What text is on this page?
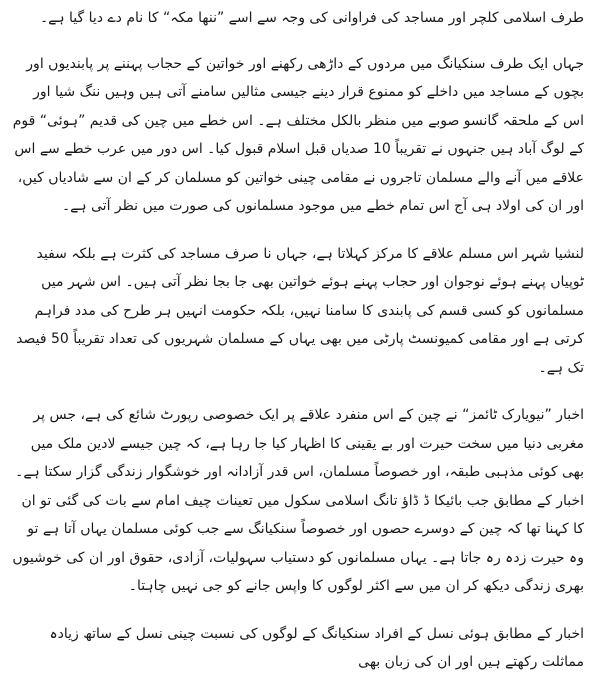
طرف اسلامی کلچر اور مساجد کی فراوانی کی وجہ سے اسے ”ننھا مکہ“ کا نام دے دیا گیا ہے۔

جہاں ایک طرف سنکیانگ میں مردوں کے داڑھی رکھنے اور خواتین کے حجاب پہننے پر پابندیوں اور بچوں کے مساجد میں داخلے کو ممنوع قرار دینے جیسی مثالیں سامنے آتی ہیں وہیں ننگ شیا اور اس کے ملحقہ گانسو صوبے میں منظر بالکل مختلف ہے۔ اس خطے میں چین کی قدیم ”ہوئی“ قوم کے لوگ آباد ہیں جنہوں نے تقریباً 10 صدیاں قبل اسلام قبول کیا۔ اس دور میں عرب خطے سے اس علاقے میں آنے والے مسلمان تاجروں نے مقامی چینی خواتین کو مسلمان کر کے ان سے شادیاں کیں، اور ان کی اولاد ہی آج اس تمام خطے میں موجود مسلمانوں کی صورت میں نظر آتی ہے۔

لنشیا شہر اس مسلم علاقے کا مرکز کہلاتا ہے، جہاں نا صرف مساجد کی کثرت ہے بلکہ سفید ٹوپیاں پہنے ہوئے نوجوان اور حجاب پہنے ہوئے خواتین بھی جا بجا نظر آتی ہیں۔ اس شہر میں مسلمانوں کو کسی قسم کی پابندی کا سامنا نہیں، بلکہ حکومت انہیں ہر طرح کی مدد فراہم کرتی ہے اور مقامی کمیونسٹ پارٹی میں بھی یہاں کے مسلمان شہریوں کی تعداد تقریباً 50 فیصد تک ہے۔

اخبار ”نیویارک ٹائمز“ نے چین کے اس منفرد علاقے پر ایک خصوصی رپورٹ شائع کی ہے، جس پر مغربی دنیا میں سخت حیرت اور بے یقینی کا اظہار کیا جا رہا ہے، کہ چین جیسے لادین ملک میں بھی کوئی مذہبی طبقہ، اور خصوصاً مسلمان، اس قدر آزادانہ اور خوشگوار زندگی گزار سکتا ہے۔ اخبار کے مطابق جب بائیکا ڈ ڈاؤ تانگ اسلامی سکول میں تعینات چیف امام سے بات کی گئی تو ان کا کہنا تھا کہ چین کے دوسرے حصوں اور خصوصاً سنکیانگ سے جب کوئی مسلمان یہاں آتا ہے تو وہ حیرت زدہ رہ جاتا ہے۔ یہاں مسلمانوں کو دستیاب سہولیات، آزادی، حقوق اور ان کی خوشیوں بھری زندگی دیکھ کر ان میں سے اکثر لوگوں کا واپس جانے کو جی نہیں چاہتا۔

اخبار کے مطابق ہوئی نسل کے افراد سنکیانگ کے لوگوں کی نسبت چینی نسل کے ساتھ زیادہ مماثلت رکھتے ہیں اور ان کی زبان بھی
